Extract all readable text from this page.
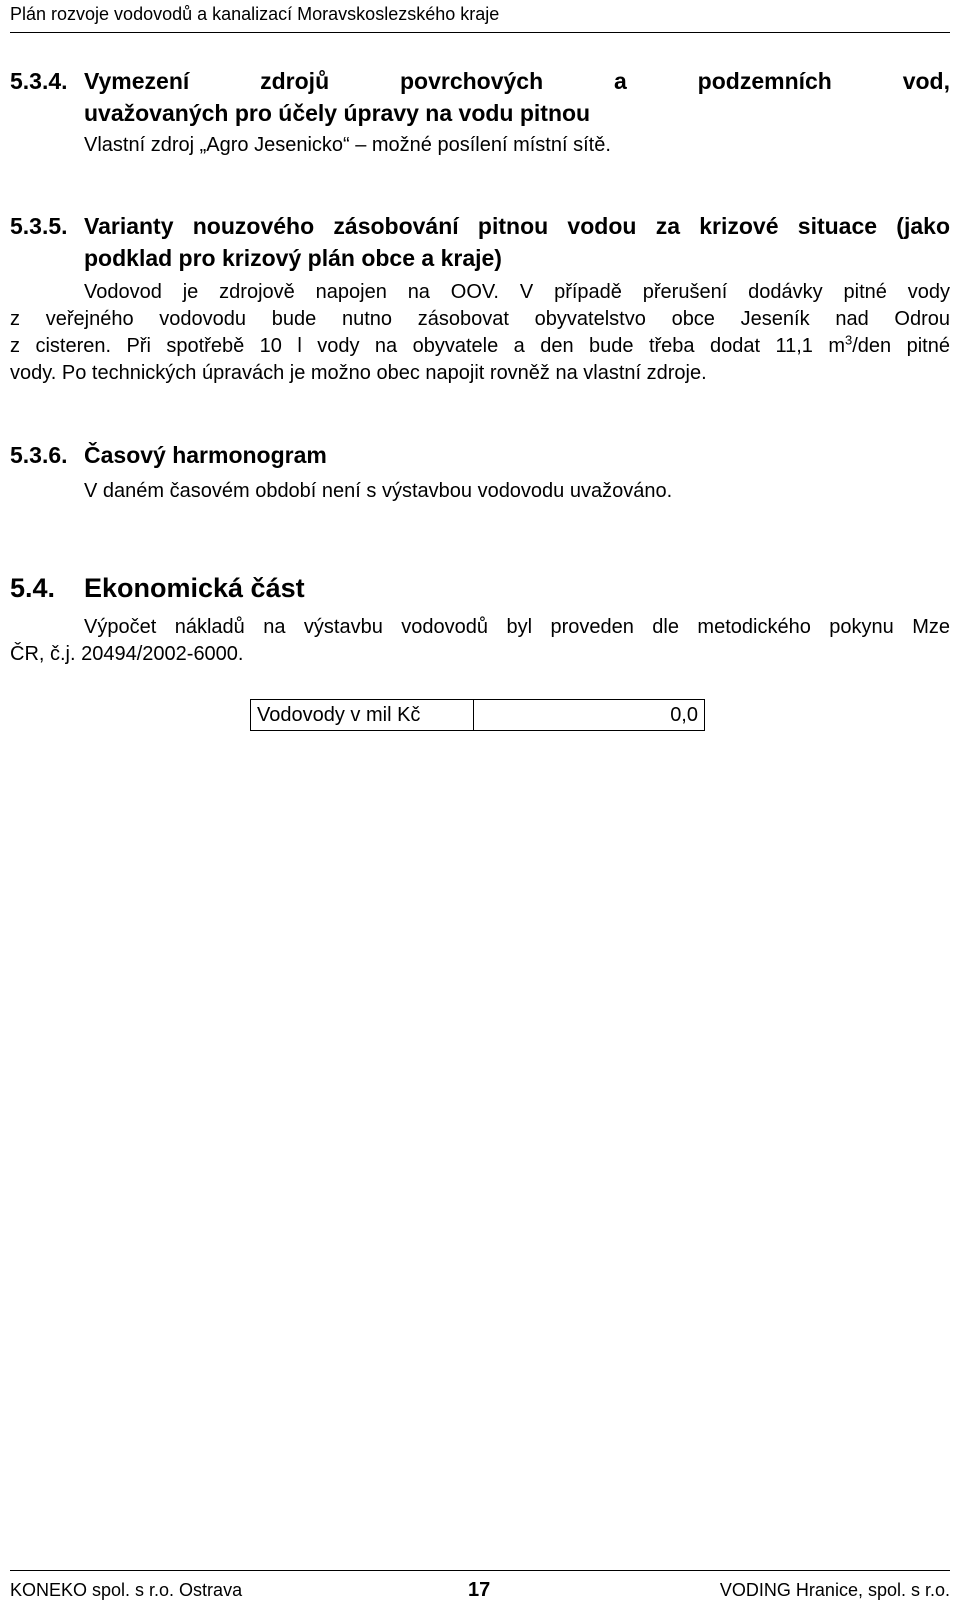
Plán rozvoje vodovodů a kanalizací Moravskoslezského kraje
5.3.4. Vymezení zdrojů povrchových a podzemních vod,
uvažovaných pro účely úpravy na vodu pitnou
Vlastní zdroj „Agro Jesenicko“ – možné posílení místní sítě.
5.3.5. Varianty nouzového zásobování pitnou vodou za krizové situace (jako
podklad pro krizový plán obce a kraje)
Vodovod je zdrojově napojen na OOV. V případě přerušení dodávky pitné vody
z veřejného vodovodu bude nutno zásobovat obyvatelstvo obce Jeseník nad Odrou
z cisteren. Při spotřebě 10 l vody na obyvatele a den bude třeba dodat 11,1 $m^3$/den pitné
vody. Po technických úpravách je možno obec napojit rovněž na vlastní zdroje.
5.3.6. Časový harmonogram
V daném časovém období není s výstavbou vodovodu uvažováno.
5.4. Ekonomická část
Výpočet nákladů na výstavbu vodovodů byl proveden dle metodického pokynu Mze
ČR, č.j. 20494/2002-6000.
Vodovody v mil Kč	0,0
KONEKO spol. s r.o. Ostrava	17	VODING Hranice, spol. s r.o.
